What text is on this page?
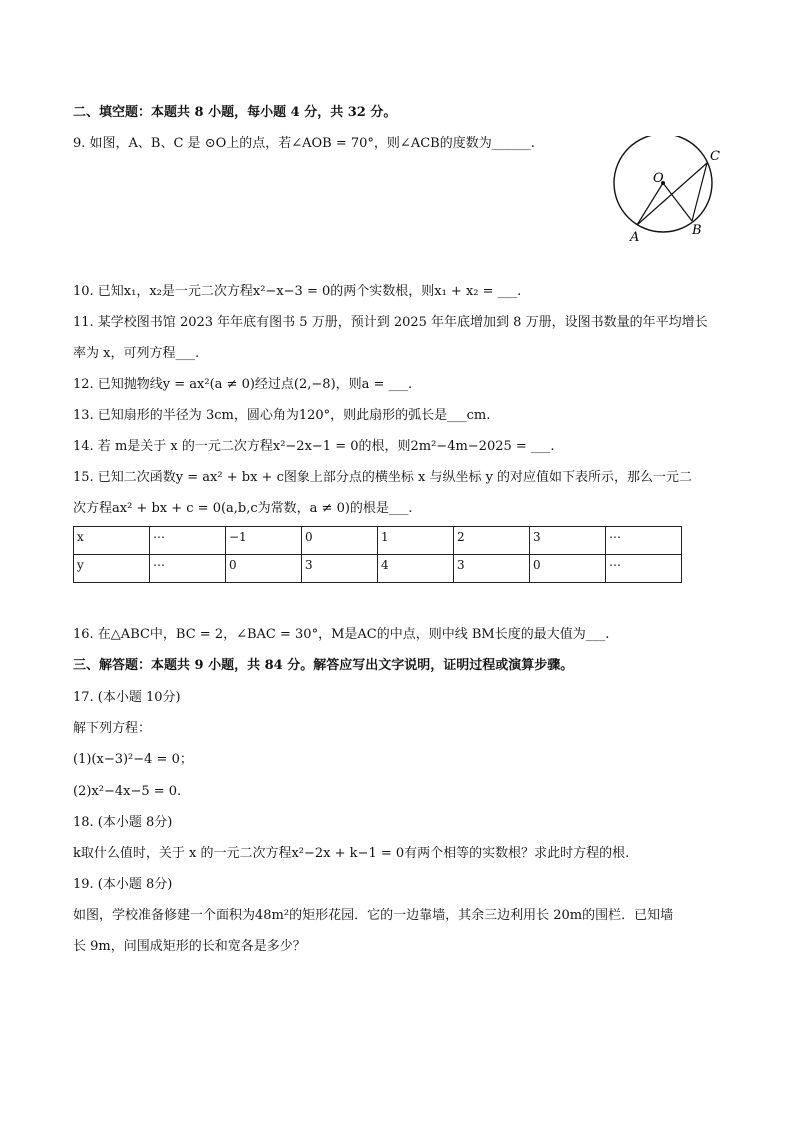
二、填空题：本题共 8 小题，每小题 4 分，共 32 分。
9. 如图，A、B、C 是 ⊙O上的点，若∠AOB = 70°，则∠ACB的度数为______.
O
A	B
C
10. 已知x₁，x₂是一元二次方程x²−x−3 = 0的两个实数根，则x₁ + x₂ = ___.
11. 某学校图书馆 2023 年年底有图书 5 万册，预计到 2025 年年底增加到 8 万册，设图书数量的年平均增长
率为 x，可列方程___.
12. 已知抛物线y = ax²(a ≠ 0)经过点(2,−8)，则a = ___.
13. 已知扇形的半径为 3cm，圆心角为120°，则此扇形的弧长是___cm.
14. 若 m是关于 x 的一元二次方程x²−2x−1 = 0的根，则2m²−4m−2025 = ___.
15. 已知二次函数y = ax² + bx + c图象上部分点的横坐标 x 与纵坐标 y 的对应值如下表所示，那么一元二
次方程ax² + bx + c = 0(a,b,c为常数，a ≠ 0)的根是___.
x	⋯	−1	0	1	2	3	⋯
y	⋯	0	3	4	3	0	⋯
16. 在△ABC中，BC = 2，∠BAC = 30°，M是AC的中点，则中线 BM长度的最大值为___.
三、解答题：本题共 9 小题，共 84 分。解答应写出文字说明，证明过程或演算步骤。
17. (本小题 10分)
解下列方程：
(1)(x−3)²−4 = 0；
(2)x²−4x−5 = 0.
18. (本小题 8分)
k取什么值时，关于 x 的一元二次方程x²−2x + k−1 = 0有两个相等的实数根？求此时方程的根.
19. (本小题 8分)
如图，学校准备修建一个面积为48m²的矩形花园．它的一边靠墙，其余三边利用长 20m的围栏．已知墙
长 9m，问围成矩形的长和宽各是多少？
